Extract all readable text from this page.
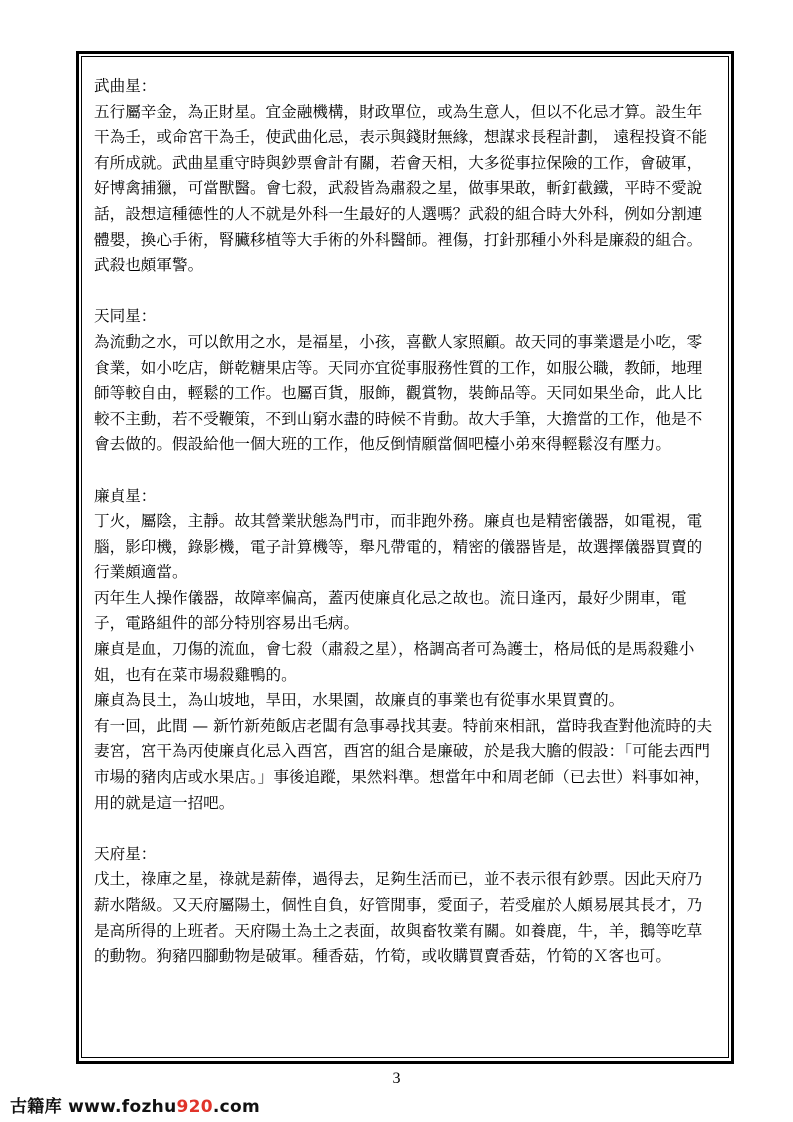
武曲星：

五行屬辛金，為正財星。宜金融機構，財政單位，或為生意人，但以不化忌才算。設生年干為壬，或命宮干為壬，使武曲化忌，表示與錢財無緣，想謀求長程計劃， 遠程投資不能有所成就。武曲星重守時與鈔票會計有關，若會天相，大多從事拉保險的工作，會破軍，好博禽捕獵，可當獸醫。會七殺，武殺皆為肅殺之星，做事果敢，斬釘截鐵，平時不愛說話，設想這種德性的人不就是外科一生最好的人選嗎？武殺的組合時大外科，例如分割連體嬰，換心手術，腎臟移植等大手術的外科醫師。裡傷，打針那種小外科是廉殺的組合。武殺也頗軍警。

天同星：

為流動之水，可以飲用之水，是福星，小孩，喜歡人家照顧。故天同的事業還是小吃，零食業，如小吃店，餅乾糖果店等。天同亦宜從事服務性質的工作，如服公職，教師，地理師等較自由，輕鬆的工作。也屬百貨，服飾，觀賞物，裝飾品等。天同如果坐命，此人比較不主動，若不受鞭策，不到山窮水盡的時候不肯動。故大手筆，大擔當的工作，他是不會去做的。假設給他一個大班的工作，他反倒情願當個吧檯小弟來得輕鬆沒有壓力。

廉貞星：

丁火，屬陰，主靜。故其營業狀態為門市，而非跑外務。廉貞也是精密儀器，如電視，電腦，影印機，錄影機，電子計算機等，舉凡帶電的，精密的儀器皆是，故選擇儀器買賣的行業頗適當。

丙年生人操作儀器，故障率偏高，蓋丙使廉貞化忌之故也。流日逢丙，最好少開車，電子，電路組件的部分特別容易出毛病。

廉貞是血，刀傷的流血，會七殺（肅殺之星），格調高者可為護士，格局低的是馬殺雞小姐，也有在菜市場殺雞鴨的。

廉貞為艮土，為山坡地，旱田，水果園，故廉貞的事業也有從事水果買賣的。

有一回，此間 — 新竹新苑飯店老闆有急事尋找其妻。特前來相訊，當時我查對他流時的夫妻宮，宮干為丙使廉貞化忌入酉宮，酉宮的組合是廉破，於是我大膽的假設：「可能去西門市場的豬肉店或水果店。」事後追蹤，果然料準。想當年中和周老師（已去世）料事如神，用的就是這一招吧。

天府星：

戊土，祿庫之星，祿就是薪俸，過得去，足夠生活而已，並不表示很有鈔票。因此天府乃薪水階級。又天府屬陽土，個性自負，好管閒事，愛面子，若受雇於人頗易展其長才，乃是高所得的上班者。天府陽土為土之表面，故與畜牧業有關。如養鹿，牛，羊，鵝等吃草的動物。狗豬四腳動物是破軍。種香菇，竹筍，或收購買賣香菇，竹筍的Ｘ客也可。

3
古籍库 www.fozhu920.com
